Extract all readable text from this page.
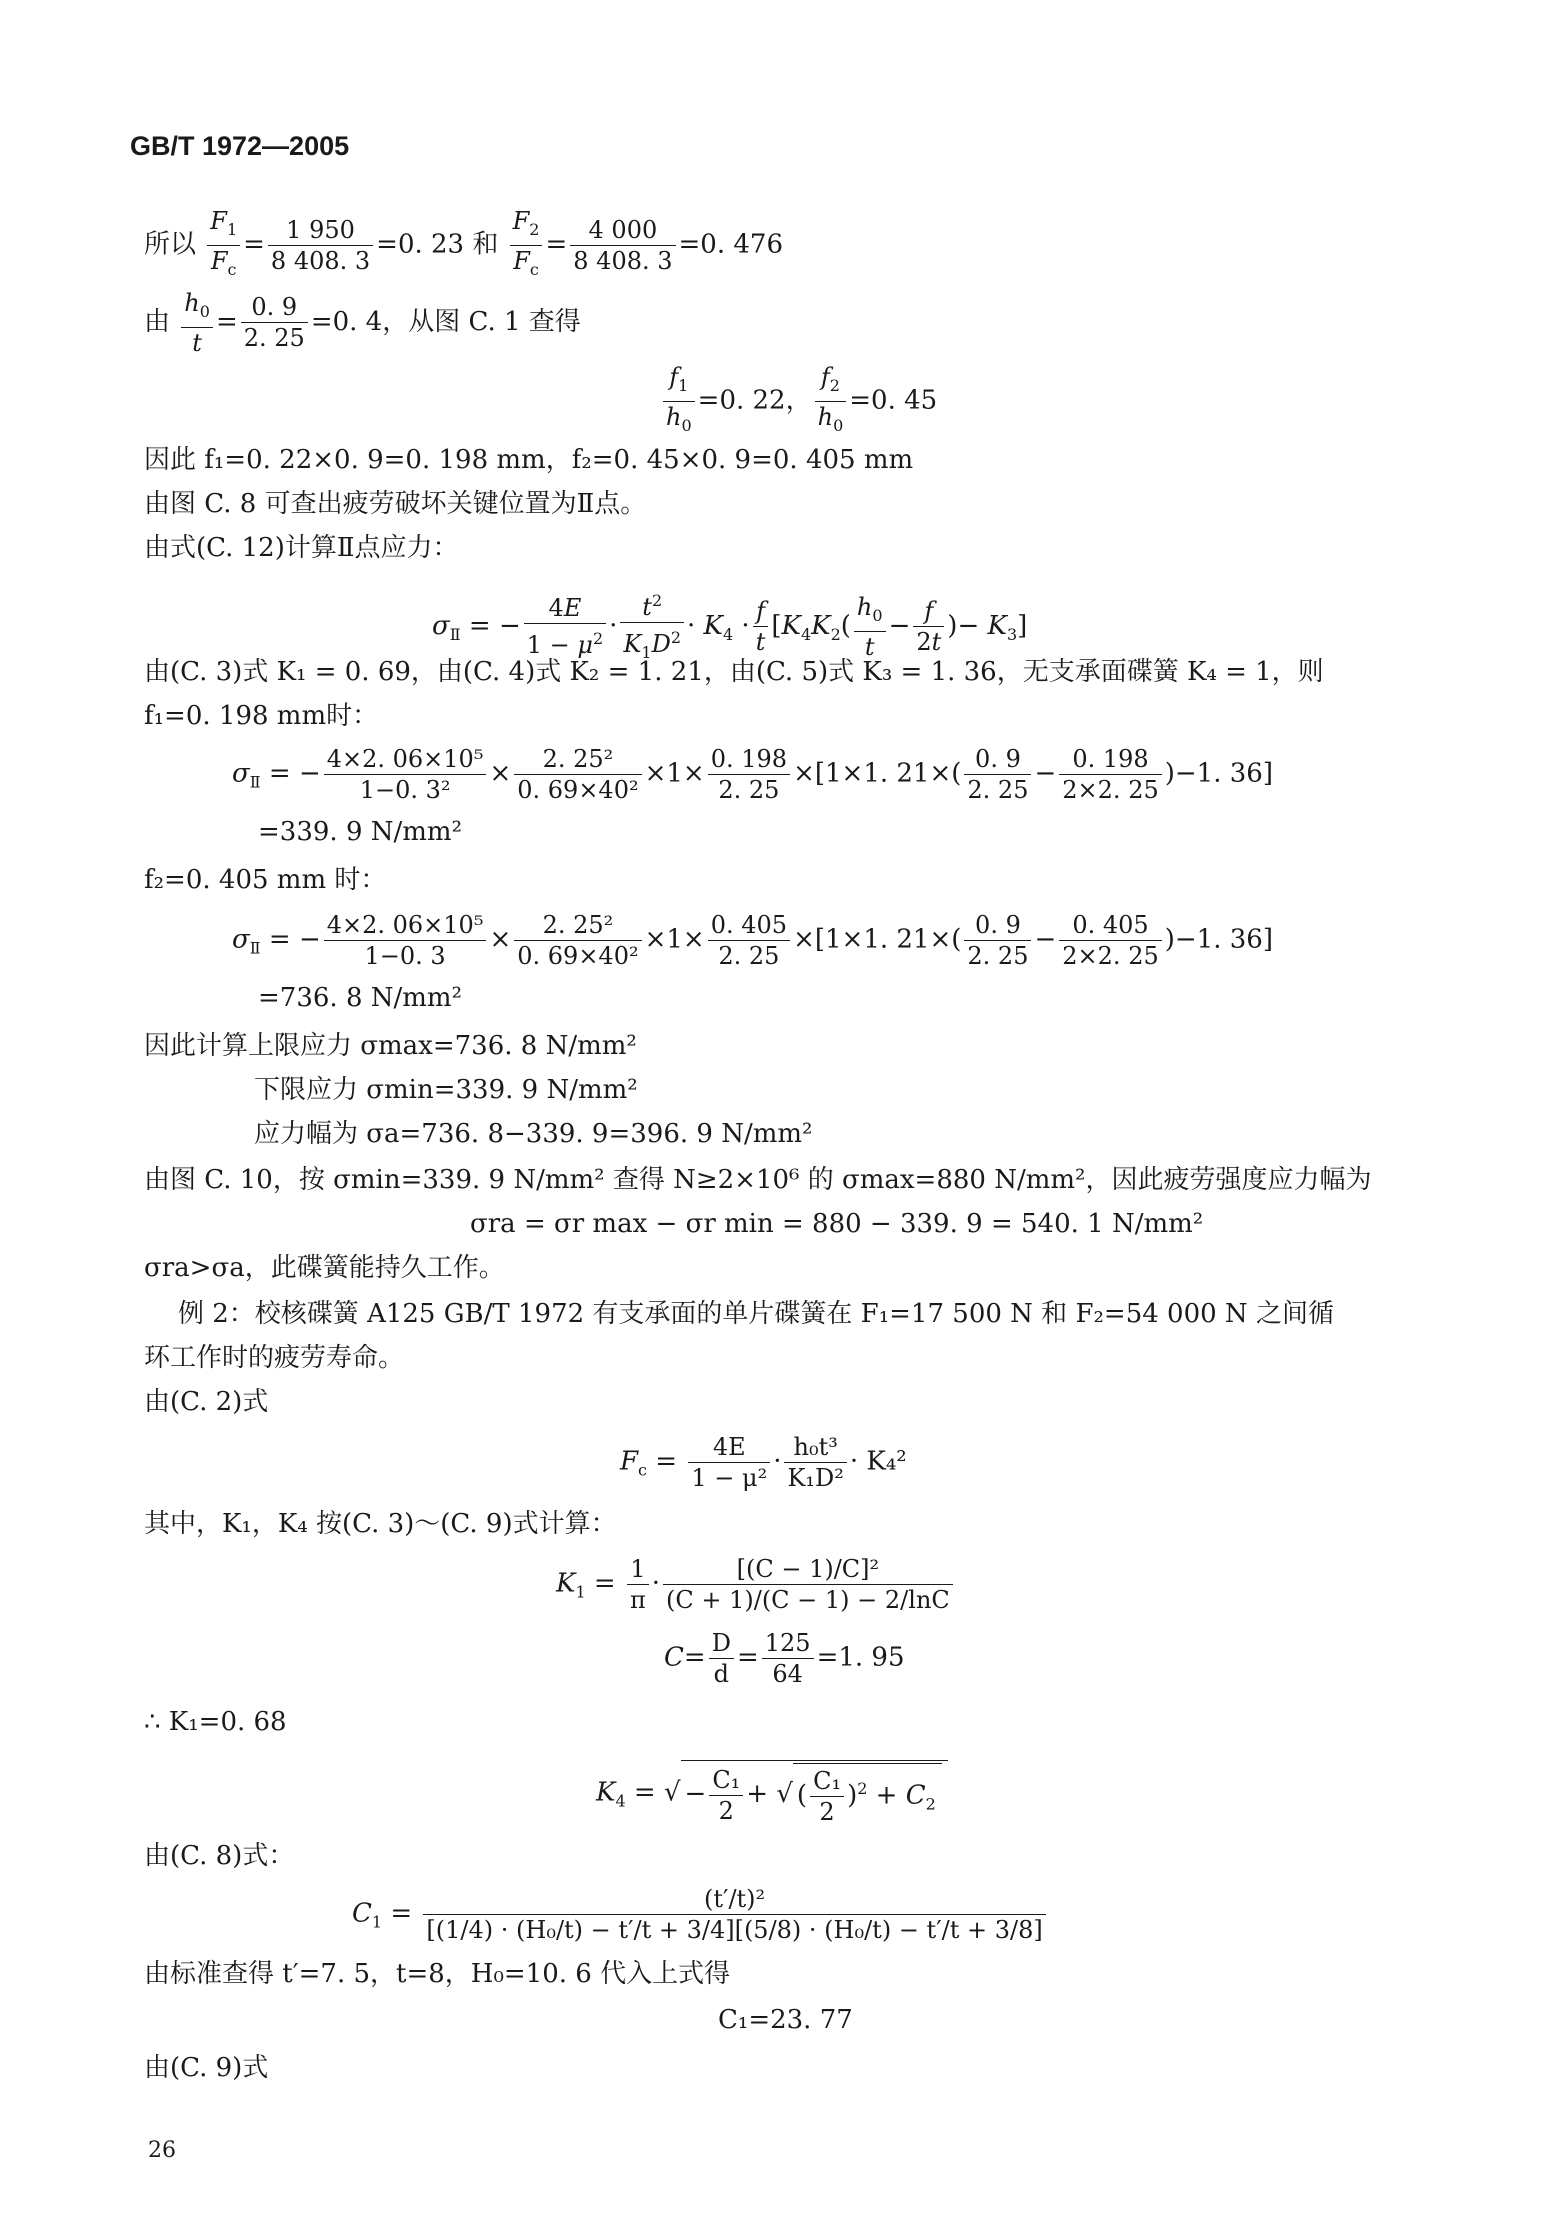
GB/T 1972—2005
所以 $\frac{F_1}{F_c} = \frac{1 950}{8 408. 3} =0$. 23 和 $\frac{F_2}{F_c} = \frac{4 000}{8 408. 3} =0$. 476
由 $\frac{h_0}{t} = \frac{0. 9}{2. 25} =0$. 4，从图 C. 1 查得
$\frac{f_1}{h_0} =0$. 22， $\frac{f_2}{h_0} =0$. 45
因此 f₁=0. 22×0. 9=0. 198 mm，f₂=0. 45×0. 9=0. 405 mm
由图 C. 8 可查出疲劳破坏关键位置为Ⅱ点。
由式(C. 12)计算Ⅱ点应力：
$\sigma_Ⅱ$ = − $\frac{4E}{1 - \mu^2} \cdot \frac{t^2}{K_1D^2} \cdot K_4 \cdot \frac{f}{t} [K_4K_2( \frac{h_0}{t} - \frac{f}{2t}$ )− $K_3$]
由(C. 3)式 K₁ = 0. 69，由(C. 4)式 K₂ = 1. 21，由(C. 5)式 K₃ = 1. 36，无支承面碟簧 K₄ = 1，则
f₁=0. 198 mm时：
$\sigma_Ⅱ$ = − $\frac{\text{4×2. 06×10⁵}}{\text{1−0. 3²}} \times \frac{\text{2. 25²}}{\text{0. 69×40²}} \times 1\times \frac{0. 198}{2. 25} \times[1\times 1$. $21\times( \frac{0. 9}{2. 25} - \frac{0. 198}{2\times 2. 25} )-1$. 36]
=339. 9 N/mm²
f₂=0. 405 mm 时：
$\sigma_Ⅱ$ = − $\frac{\text{4×2. 06×10⁵}}{1-0. 3} \times \frac{\text{2. 25²}}{\text{0. 69×40²}} \times 1\times \frac{0. 405}{2. 25} \times[1\times 1$. $21\times( \frac{0. 9}{2. 25} - \frac{0. 405}{2\times 2. 25} )-1$. 36]
=736. 8 N/mm²
因此计算上限应力 σmax=736. 8 N/mm²
下限应力 σmin=339. 9 N/mm²
应力幅为 σa=736. 8−339. 9=396. 9 N/mm²
由图 C. 10，按 σmin=339. 9 N/mm² 查得 N≥2×10⁶ 的 σmax=880 N/mm²，因此疲劳强度应力幅为
σra = σr max − σr min = 880 − 339. 9 = 540. 1 N/mm²
σra>σa，此碟簧能持久工作。
例 2：校核碟簧 A125 GB/T 1972 有支承面的单片碟簧在 F₁=17 500 N 和 F₂=54 000 N 之间循
环工作时的疲劳寿命。
由(C. 2)式
$F_c = \frac{4E}{\text{1 − μ²}} \cdot \frac{\text{h₀t³}}{\text{K₁D²}} \cdot K_4^2$
其中，K₁，K₄ 按(C. 3)～(C. 9)式计算：
$K_1 = \frac{1}{\pi} \cdot \frac{\text{[(C − 1)/C]²}}{(C + 1)/(C - 1) - 2/\ln C}$
$C= \frac{D}{d} = \frac{125}{64} =1$. 95
∴ K₁=0. 68
$K_4$ = √ − $\frac{\text{C₁}}{2}$ + √ ( $\frac{\text{C₁}}{2} )^2 + C_2$
由(C. 8)式：
$C_1 = \frac{\text{(t′/t)²}}{\text{[(1/4) · (H₀/t) − t′/t + 3/4][(5/8) · (H₀/t) − t′/t + 3/8]}}$
由标准查得 t′=7. 5，t=8，H₀=10. 6 代入上式得
C₁=23. 77
由(C. 9)式
26
